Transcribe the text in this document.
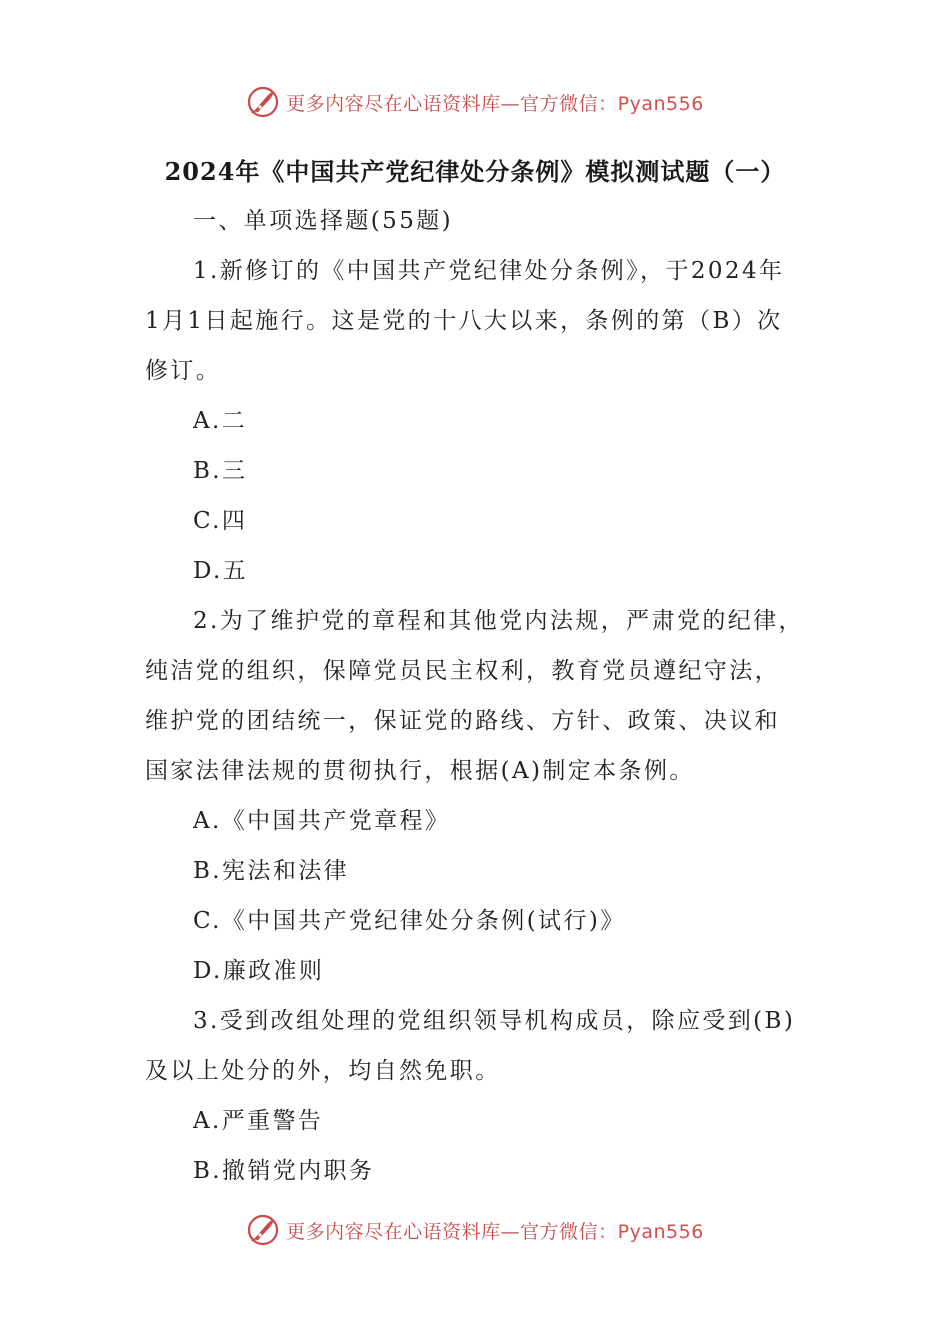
更多内容尽在心语资料库—官方微信：Pyan556
2024年《中国共产党纪律处分条例》模拟测试题（一）
一、单项选择题(55题)
1.新修订的《中国共产党纪律处分条例》，于2024年
1月1日起施行。这是党的十八大以来，条例的第（B）次
修订。
A.二
B.三
C.四
D.五
2.为了维护党的章程和其他党内法规，严肃党的纪律，
纯洁党的组织，保障党员民主权利，教育党员遵纪守法，
维护党的团结统一，保证党的路线、方针、政策、决议和
国家法律法规的贯彻执行，根据(A)制定本条例。
A.《中国共产党章程》
B.宪法和法律
C.《中国共产党纪律处分条例(试行)》
D.廉政准则
3.受到改组处理的党组织领导机构成员，除应受到(B)
及以上处分的外，均自然免职。
A.严重警告
B.撤销党内职务
更多内容尽在心语资料库—官方微信：Pyan556
